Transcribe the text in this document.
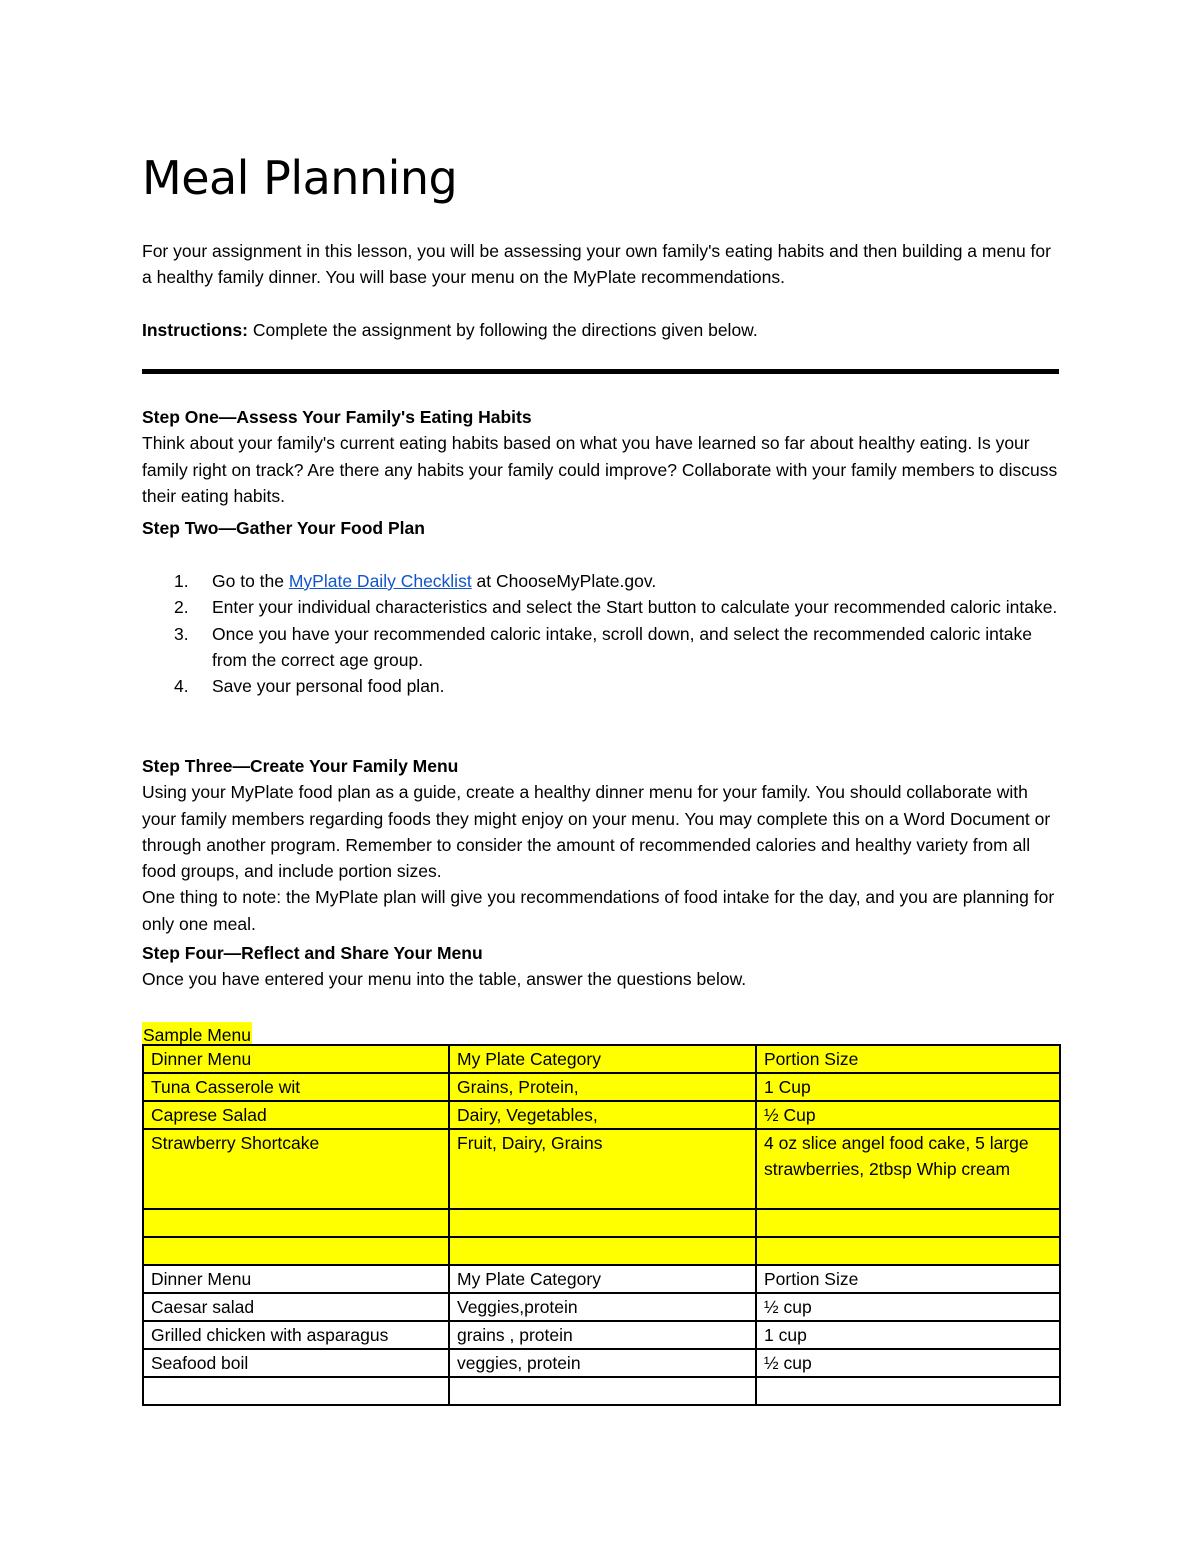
Meal Planning

For your assignment in this lesson, you will be assessing your own family's eating habits and then building a menu for a healthy family dinner. You will base your menu on the MyPlate recommendations.

Instructions: Complete the assignment by following the directions given below.

Step One—Assess Your Family's Eating Habits
Think about your family's current eating habits based on what you have learned so far about healthy eating. Is your family right on track? Are there any habits your family could improve? Collaborate with your family members to discuss their eating habits.
Step Two—Gather Your Food Plan
1. Go to the MyPlate Daily Checklist at ChooseMyPlate.gov.
2. Enter your individual characteristics and select the Start button to calculate your recommended caloric intake.
3. Once you have your recommended caloric intake, scroll down, and select the recommended caloric intake from the correct age group.
4. Save your personal food plan.
Step Three—Create Your Family Menu
Using your MyPlate food plan as a guide, create a healthy dinner menu for your family. You should collaborate with your family members regarding foods they might enjoy on your menu. You may complete this on a Word Document or through another program. Remember to consider the amount of recommended calories and healthy variety from all food groups, and include portion sizes.
One thing to note: the MyPlate plan will give you recommendations of food intake for the day, and you are planning for only one meal.
Step Four—Reflect and Share Your Menu
Once you have entered your menu into the table, answer the questions below.
Sample Menu
Dinner Menu	My Plate Category	Portion Size
Tuna Casserole wit	Grains, Protein,	1 Cup
Caprese Salad	Dairy, Vegetables,	½ Cup
Strawberry Shortcake	Fruit, Dairy, Grains	4 oz slice angel food cake, 5 large strawberries, 2tbsp Whip cream

Dinner Menu	My Plate Category	Portion Size
Caesar salad	Veggies,protein	½ cup
Grilled chicken with asparagus	grains , protein	1 cup
Seafood boil	veggies, protein	½ cup
